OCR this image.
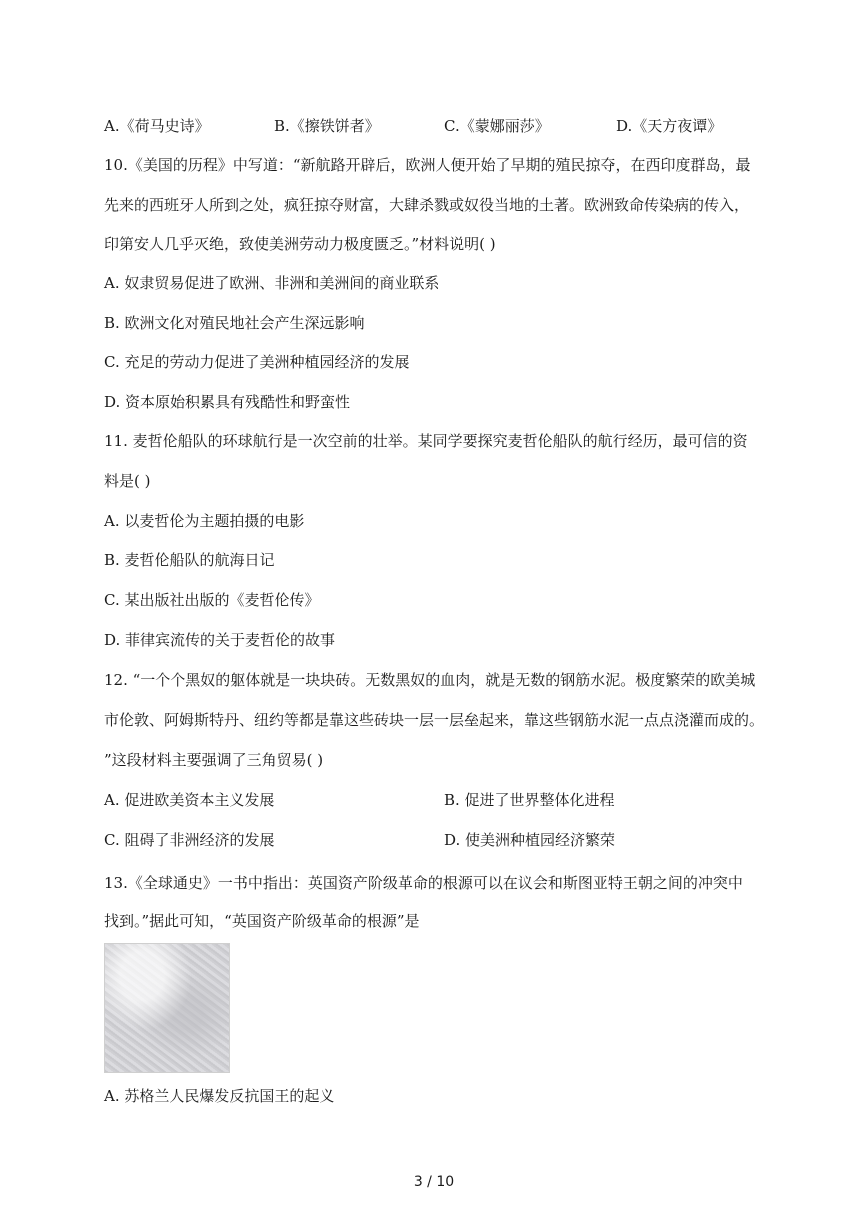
A.《荷马史诗》	B.《擦铁饼者》	C.《蒙娜丽莎》	D.《天方夜谭》
10.《美国的历程》中写道：“新航路开辟后，欧洲人便开始了早期的殖民掠夺，在西印度群岛，最
先来的西班牙人所到之处，疯狂掠夺财富，大肆杀戮或奴役当地的土著。欧洲致命传染病的传入，
印第安人几乎灭绝，致使美洲劳动力极度匮乏。”材料说明( )
A. 奴隶贸易促进了欧洲、非洲和美洲间的商业联系
B. 欧洲文化对殖民地社会产生深远影响
C. 充足的劳动力促进了美洲种植园经济的发展
D. 资本原始积累具有残酷性和野蛮性
11. 麦哲伦船队的环球航行是一次空前的壮举。某同学要探究麦哲伦船队的航行经历，最可信的资
料是( )
A. 以麦哲伦为主题拍摄的电影
B. 麦哲伦船队的航海日记
C. 某出版社出版的《麦哲伦传》
D. 菲律宾流传的关于麦哲伦的故事
12. “一个个黑奴的躯体就是一块块砖。无数黑奴的血肉，就是无数的钢筋水泥。极度繁荣的欧美城
市伦敦、阿姆斯特丹、纽约等都是靠这些砖块一层一层垒起来，靠这些钢筋水泥一点点浇灌而成的。
”这段材料主要强调了三角贸易( )
A. 促进欧美资本主义发展	B. 促进了世界整体化进程
C. 阻碍了非洲经济的发展	D. 使美洲种植园经济繁荣
13.《全球通史》一书中指出：英国资产阶级革命的根源可以在议会和斯图亚特王朝之间的冲突中
找到。”据此可知，“英国资产阶级革命的根源”是
A. 苏格兰人民爆发反抗国王的起义
3 / 10
